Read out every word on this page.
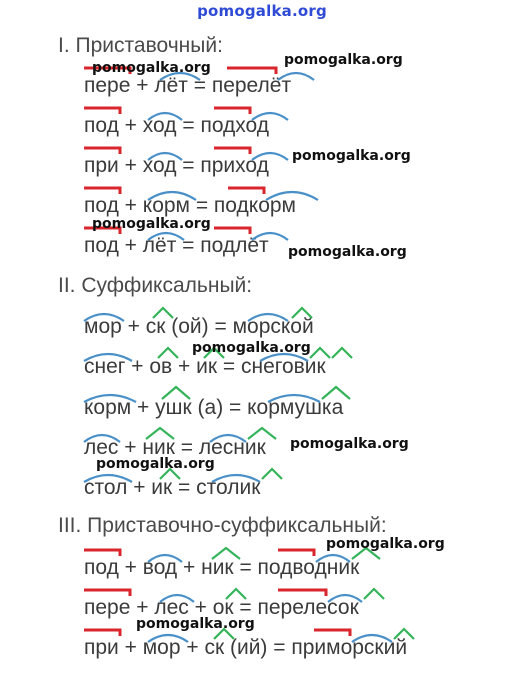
pomogalka.org
I. Приставочный:
пере + лёт = перелёт
под + ход = подход
при + ход = приход
под + корм = подкорм
под + лёт = подлёт
II. Суффиксальный:
мор + ск (ой) = морской
снег + ов + ик = снеговик
корм + ушк (а) = кормушка
лес + ник = лесник
стол + ик = столик
III. Приставочно-суффиксальный:
под + вод + ник = подводник
пере + лес + ок = перелесок
при + мор + ск (ий) = приморский
pomogalka.org	pomogalka.org
pomogalka.org
pomogalka.org
pomogalka.org
pomogalka.org
pomogalka.org
pomogalka.org
pomogalka.org
pomogalka.org
